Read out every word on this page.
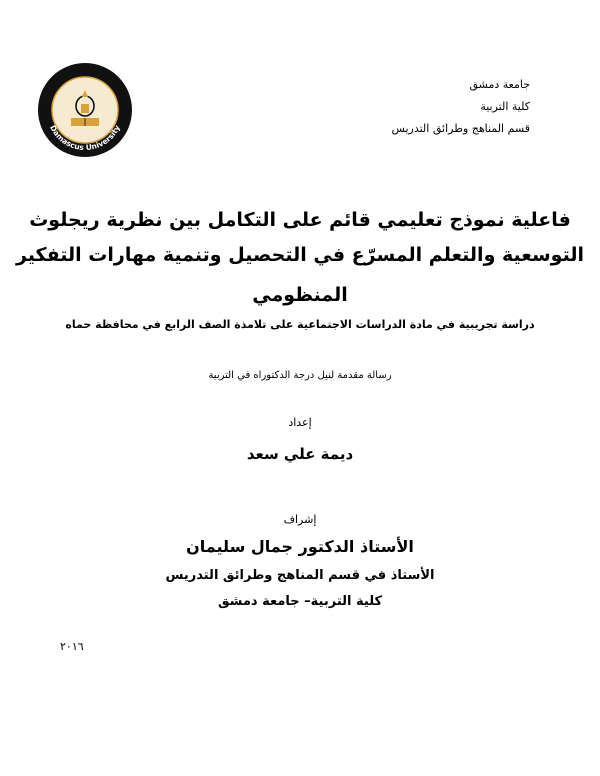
Damascus University
جامعة دمشق
كلية التربية
قسم المناهج وطرائق التدريس
فاعلية نموذج تعليمي قائم على التكامل بين نظرية ريجلوث
التوسعية والتعلم المسرّع في التحصيل وتنمية مهارات التفكير
المنظومي
دراسة تجريبية في مادة الدراسات الاجتماعية على تلامذة الصف الرابع في محافظة حماه
رسالة مقدمة لنيل درجة الدكتوراه في التربية
إعداد
ديمة علي سعد
إشراف
الأستاذ الدكتور جمال سليمان
الأستاذ في قسم المناهج وطرائق التدريس
كلية التربية– جامعة دمشق
٢٠١٦
